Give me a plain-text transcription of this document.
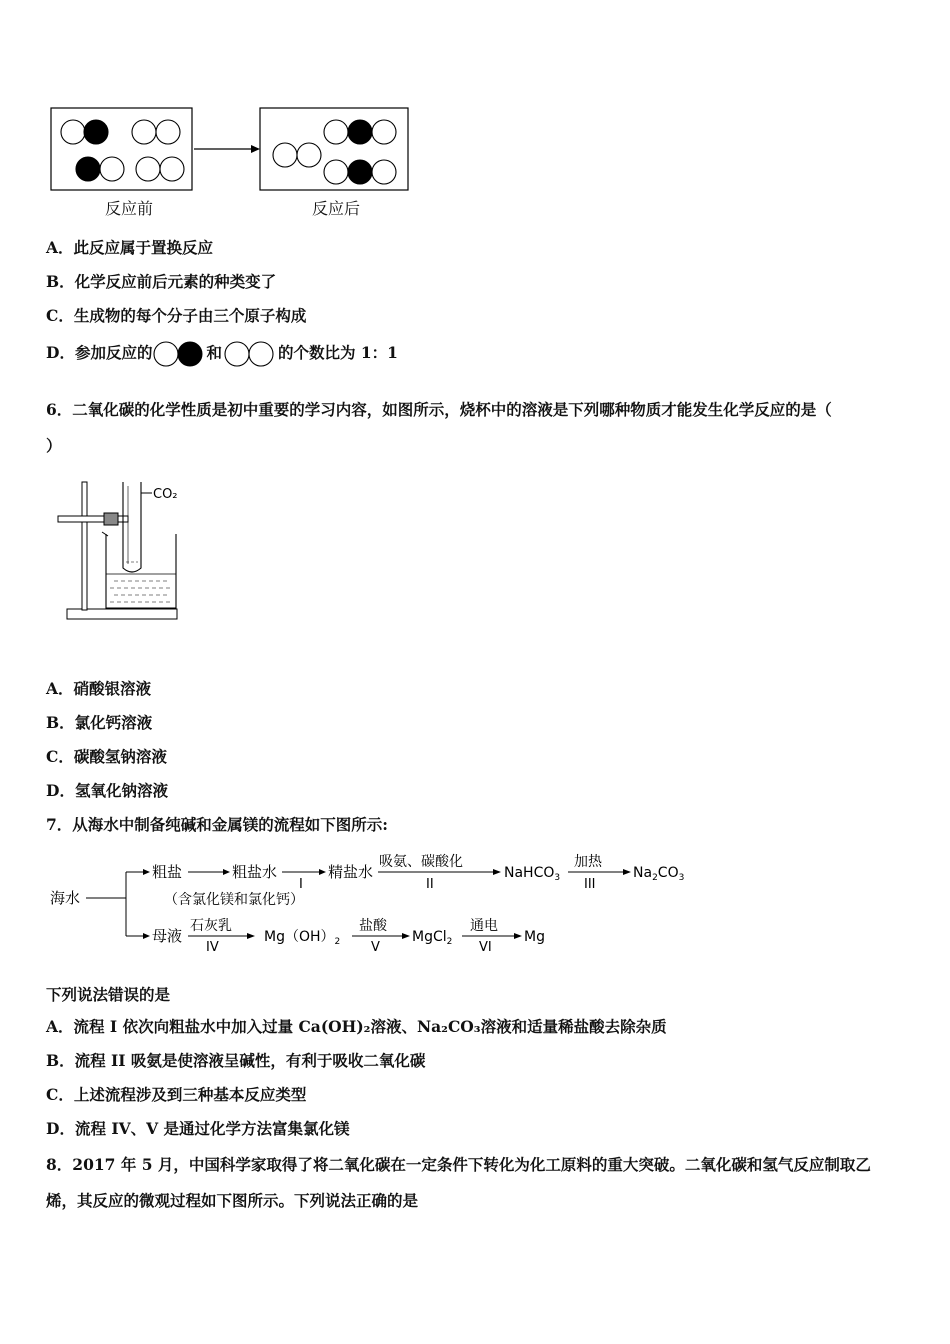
反应前	反应后
A．此反应属于置换反应
B．化学反应前后元素的种类变了
C．生成物的每个分子由三个原子构成
D．参加反应的	和	的个数比为 1：1
6．二氧化碳的化学性质是初中重要的学习内容，如图所示，烧杯中的溶液是下列哪种物质才能发生化学反应的是（
）
CO₂
A．硝酸银溶液
B．氯化钙溶液
C．碳酸氢钠溶液
D．氢氧化钠溶液
7．从海水中制备纯碱和金属镁的流程如下图所示:
海水
粗盐
（含氯化镁和氯化钙）
粗盐水
I
精盐水
吸氨、碳酸化
II
NaHCO$_3$
加热
III
$Na_2CO_3$
母液
石灰乳
IV
$Mg(OH)_2$
盐酸
V
MgCl$_2$
通电
VI
Mg
下列说法错误的是
A．流程 I 依次向粗盐水中加入过量 Ca(OH)₂溶液、Na₂CO₃溶液和适量稀盐酸去除杂质
B．流程 II 吸氨是使溶液呈碱性，有利于吸收二氧化碳
C．上述流程涉及到三种基本反应类型
D．流程 IV、V 是通过化学方法富集氯化镁
8．2017 年 5 月，中国科学家取得了将二氧化碳在一定条件下转化为化工原料的重大突破。二氧化碳和氢气反应制取乙
烯，其反应的微观过程如下图所示。下列说法正确的是
